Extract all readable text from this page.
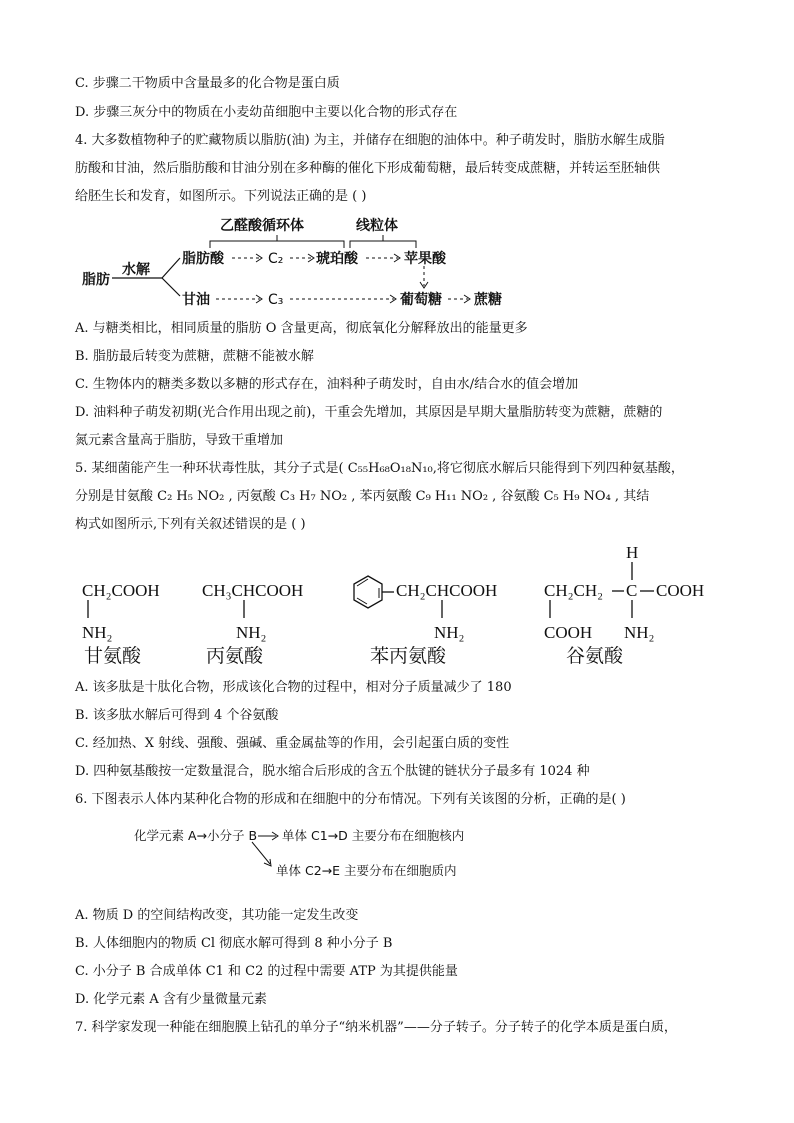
C. 步骤二干物质中含量最多的化合物是蛋白质
D. 步骤三灰分中的物质在小麦幼苗细胞中主要以化合物的形式存在
4. 大多数植物种子的贮藏物质以脂肪(油) 为主，并储存在细胞的油体中。种子萌发时，脂肪水解生成脂
肪酸和甘油，然后脂肪酸和甘油分别在多种酶的催化下形成葡萄糖，最后转变成蔗糖，并转运至胚轴供
给胚生长和发育，如图所示。下列说法正确的是 ( )
乙醛酸循环体	线粒体
脂肪
水解
脂肪酸	C₂ 琥珀酸	苹果酸
甘油	C₃	葡萄糖 蔗糖
A. 与糖类相比，相同质量的脂肪 O 含量更高，彻底氧化分解释放出的能量更多
B. 脂肪最后转变为蔗糖，蔗糖不能被水解
C. 生物体内的糖类多数以多糖的形式存在，油料种子萌发时，自由水/结合水的值会增加
D. 油料种子萌发初期(光合作用出现之前)，干重会先增加，其原因是早期大量脂肪转变为蔗糖，蔗糖的
氮元素含量高于脂肪，导致干重增加
5. 某细菌能产生一种环状毒性肽，其分子式是( C₅₅H₆₈O₁₈N₁₀,将它彻底水解后只能得到下列四种氨基酸，
分别是甘氨酸 C₂ H₅ NO₂ , 丙氨酸 C₃ H₇ NO₂ , 苯丙氨酸 C₉ H₁₁ NO₂ , 谷氨酸 C₅ H₉ NO₄ , 其结
构式如图所示,下列有关叙述错误的是 ( )
CH₂COOH
NH₂
甘氨酸
CH₃CHCOOH
NH₂
丙氨酸
CH₂CHCOOH
NH₂
苯丙氨酸
H
CH₂CH₂ C COOH
COOH NH₂
谷氨酸
A. 该多肽是十肽化合物，形成该化合物的过程中，相对分子质量减少了 180
B. 该多肽水解后可得到 4 个谷氨酸
C. 经加热、X 射线、强酸、强碱、重金属盐等的作用，会引起蛋白质的变性
D. 四种氨基酸按一定数量混合，脱水缩合后形成的含五个肽键的链状分子最多有 1024 种
6. 下图表示人体内某种化合物的形成和在细胞中的分布情况。下列有关该图的分析，正确的是( )
化学元素 A→小分子 B 单体 C1→D 主要分布在细胞核内
单体 C2→E 主要分布在细胞质内
A. 物质 D 的空间结构改变，其功能一定发生改变
B. 人体细胞内的物质 Cl 彻底水解可得到 8 种小分子 B
C. 小分子 B 合成单体 C1 和 C2 的过程中需要 ATP 为其提供能量
D. 化学元素 A 含有少量微量元素
7. 科学家发现一种能在细胞膜上钻孔的单分子“纳米机器”——分子转子。分子转子的化学本质是蛋白质，
